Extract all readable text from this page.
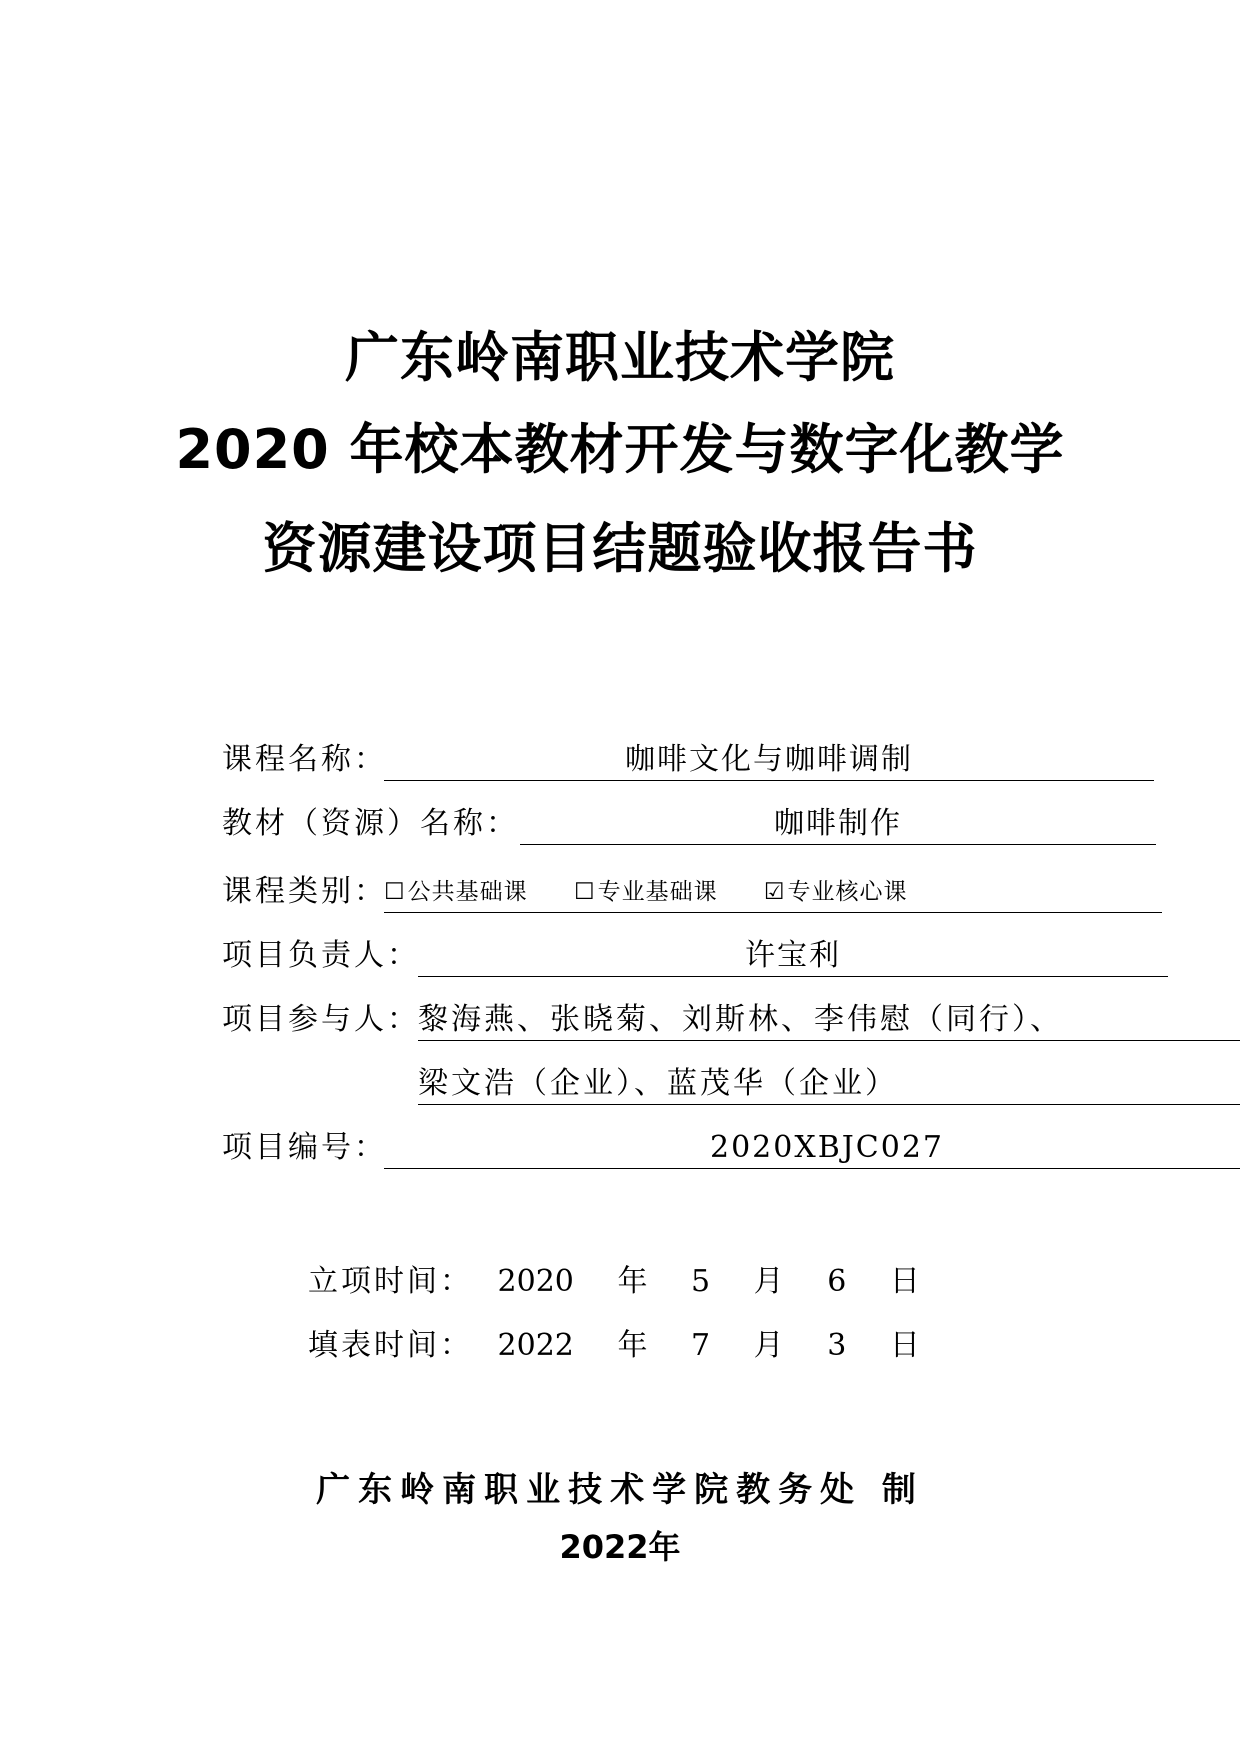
广东岭南职业技术学院
2020 年校本教材开发与数字化教学
资源建设项目结题验收报告书
课程名称：	咖啡文化与咖啡调制
教材（资源）名称：	咖啡制作
课程类别：
☐公共基础课 ☐专业基础课 ☑专业核心课
项目负责人：	许宝利
项目参与人：
黎海燕、张晓菊、刘斯林、李伟慰（同行）、
梁文浩（企业）、蓝茂华（企业）
项目编号：	2020XBJC027
立项时间： 2020 年 5 月 6 日
填表时间： 2022 年 7 月 3 日
广东岭南职业技术学院教务处 制
2022年
